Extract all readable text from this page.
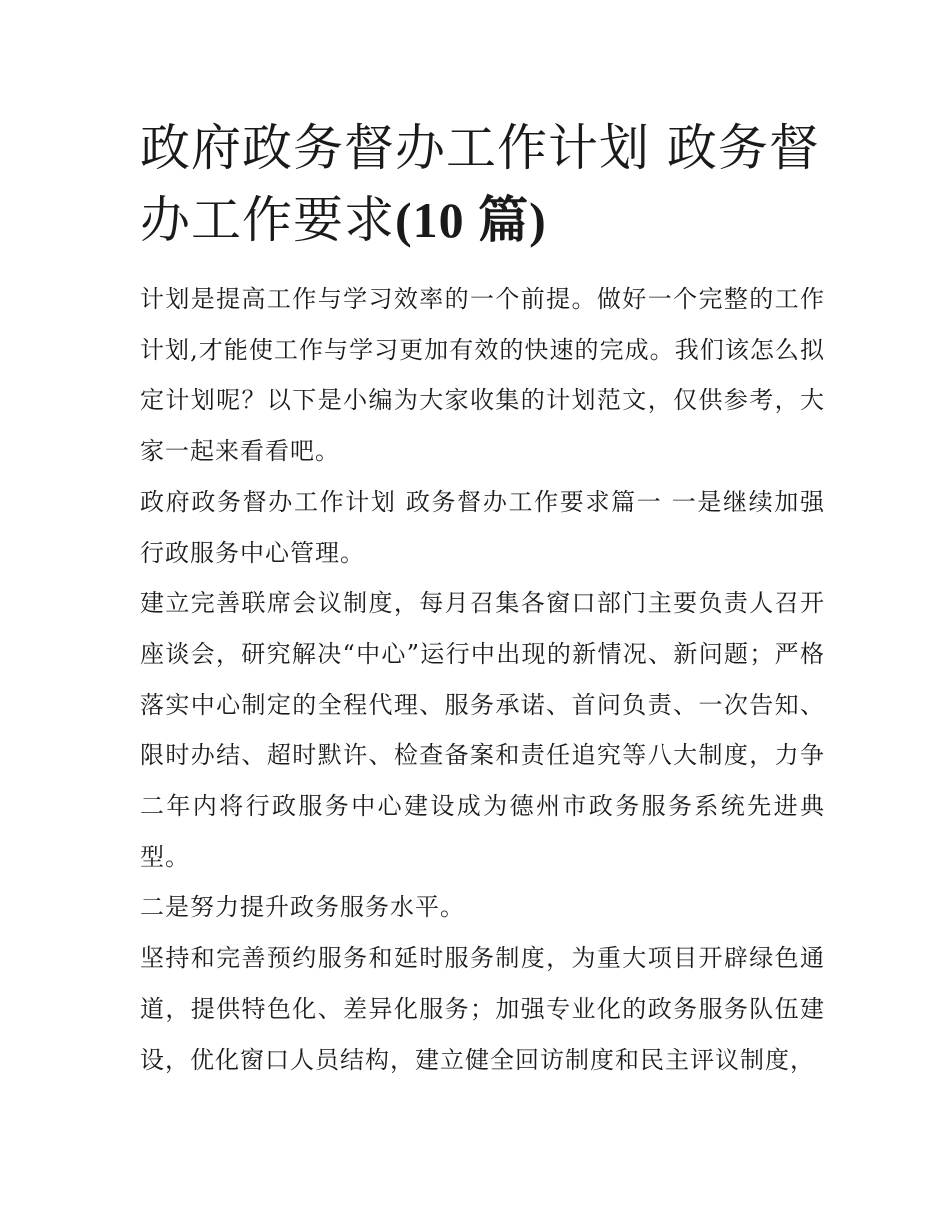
政府政务督办工作计划 政务督办工作要求(10 篇)

计划是提高工作与学习效率的一个前提。做好一个完整的工作计划,才能使工作与学习更加有效的快速的完成。我们该怎么拟定计划呢？以下是小编为大家收集的计划范文，仅供参考，大家一起来看看吧。

政府政务督办工作计划 政务督办工作要求篇一 一是继续加强行政服务中心管理。

建立完善联席会议制度，每月召集各窗口部门主要负责人召开座谈会，研究解决“中心”运行中出现的新情况、新问题；严格落实中心制定的全程代理、服务承诺、首问负责、一次告知、限时办结、超时默许、检查备案和责任追究等八大制度，力争二年内将行政服务中心建设成为德州市政务服务系统先进典型。

二是努力提升政务服务水平。

坚持和完善预约服务和延时服务制度，为重大项目开辟绿色通道，提供特色化、差异化服务；加强专业化的政务服务队伍建设，优化窗口人员结构，建立健全回访制度和民主评议制度，
